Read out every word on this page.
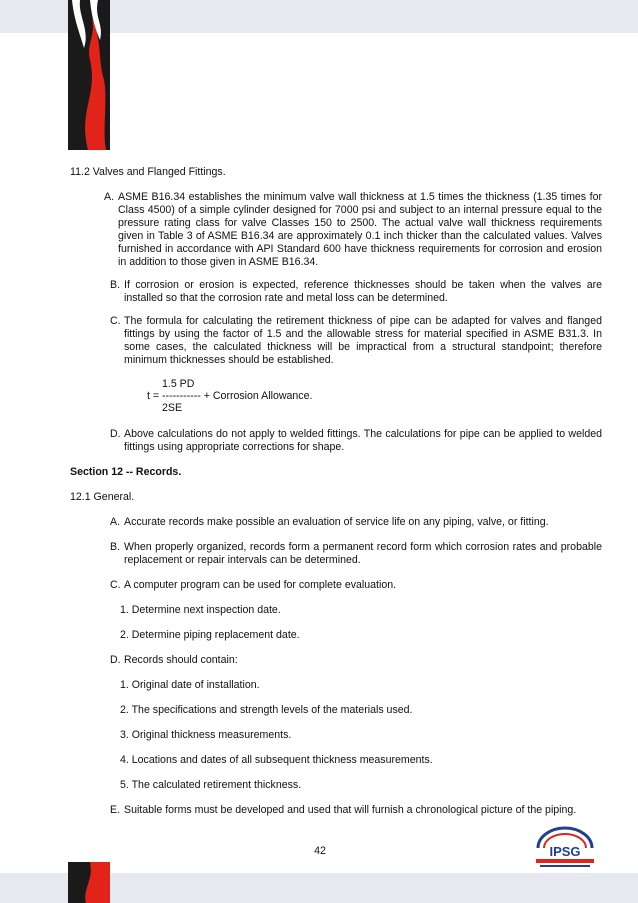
11.2 Valves and Flanged Fittings.

A. ASME B16.34 establishes the minimum valve wall thickness at 1.5 times the thickness (1.35 times for Class 4500) of a simple cylinder designed for 7000 psi and subject to an internal pressure equal to the pressure rating class for valve Classes 150 to 2500. The actual valve wall thickness requirements given in Table 3 of ASME B16.34 are approximately 0.1 inch thicker than the calculated values. Valves furnished in accordance with API Standard 600 have thickness requirements for corrosion and erosion in addition to those given in ASME B16.34.
B. If corrosion or erosion is expected, reference thicknesses should be taken when the valves are installed so that the corrosion rate and metal loss can be determined.
C. The formula for calculating the retirement thickness of pipe can be adapted for valves and flanged fittings by using the factor of 1.5 and the allowable stress for material specified in ASME B31.3. In some cases, the calculated thickness will be impractical from a structural standpoint; therefore minimum thicknesses should be established.
1.5 PD
t = ----------- + Corrosion Allowance.
2SE
D. Above calculations do not apply to welded fittings. The calculations for pipe can be applied to welded fittings using appropriate corrections for shape.

Section 12 -- Records.

12.1 General.

A. Accurate records make possible an evaluation of service life on any piping, valve, or fitting.
B. When properly organized, records form a permanent record form which corrosion rates and probable replacement or repair intervals can be determined.
C. A computer program can be used for complete evaluation.

1. Determine next inspection date.

2. Determine piping replacement date.

D. Records should contain:

1. Original date of installation.

2. The specifications and strength levels of the materials used.

3. Original thickness measurements.

4. Locations and dates of all subsequent thickness measurements.

5. The calculated retirement thickness.

E. Suitable forms must be developed and used that will furnish a chronological picture of the piping.
42	IPSG
